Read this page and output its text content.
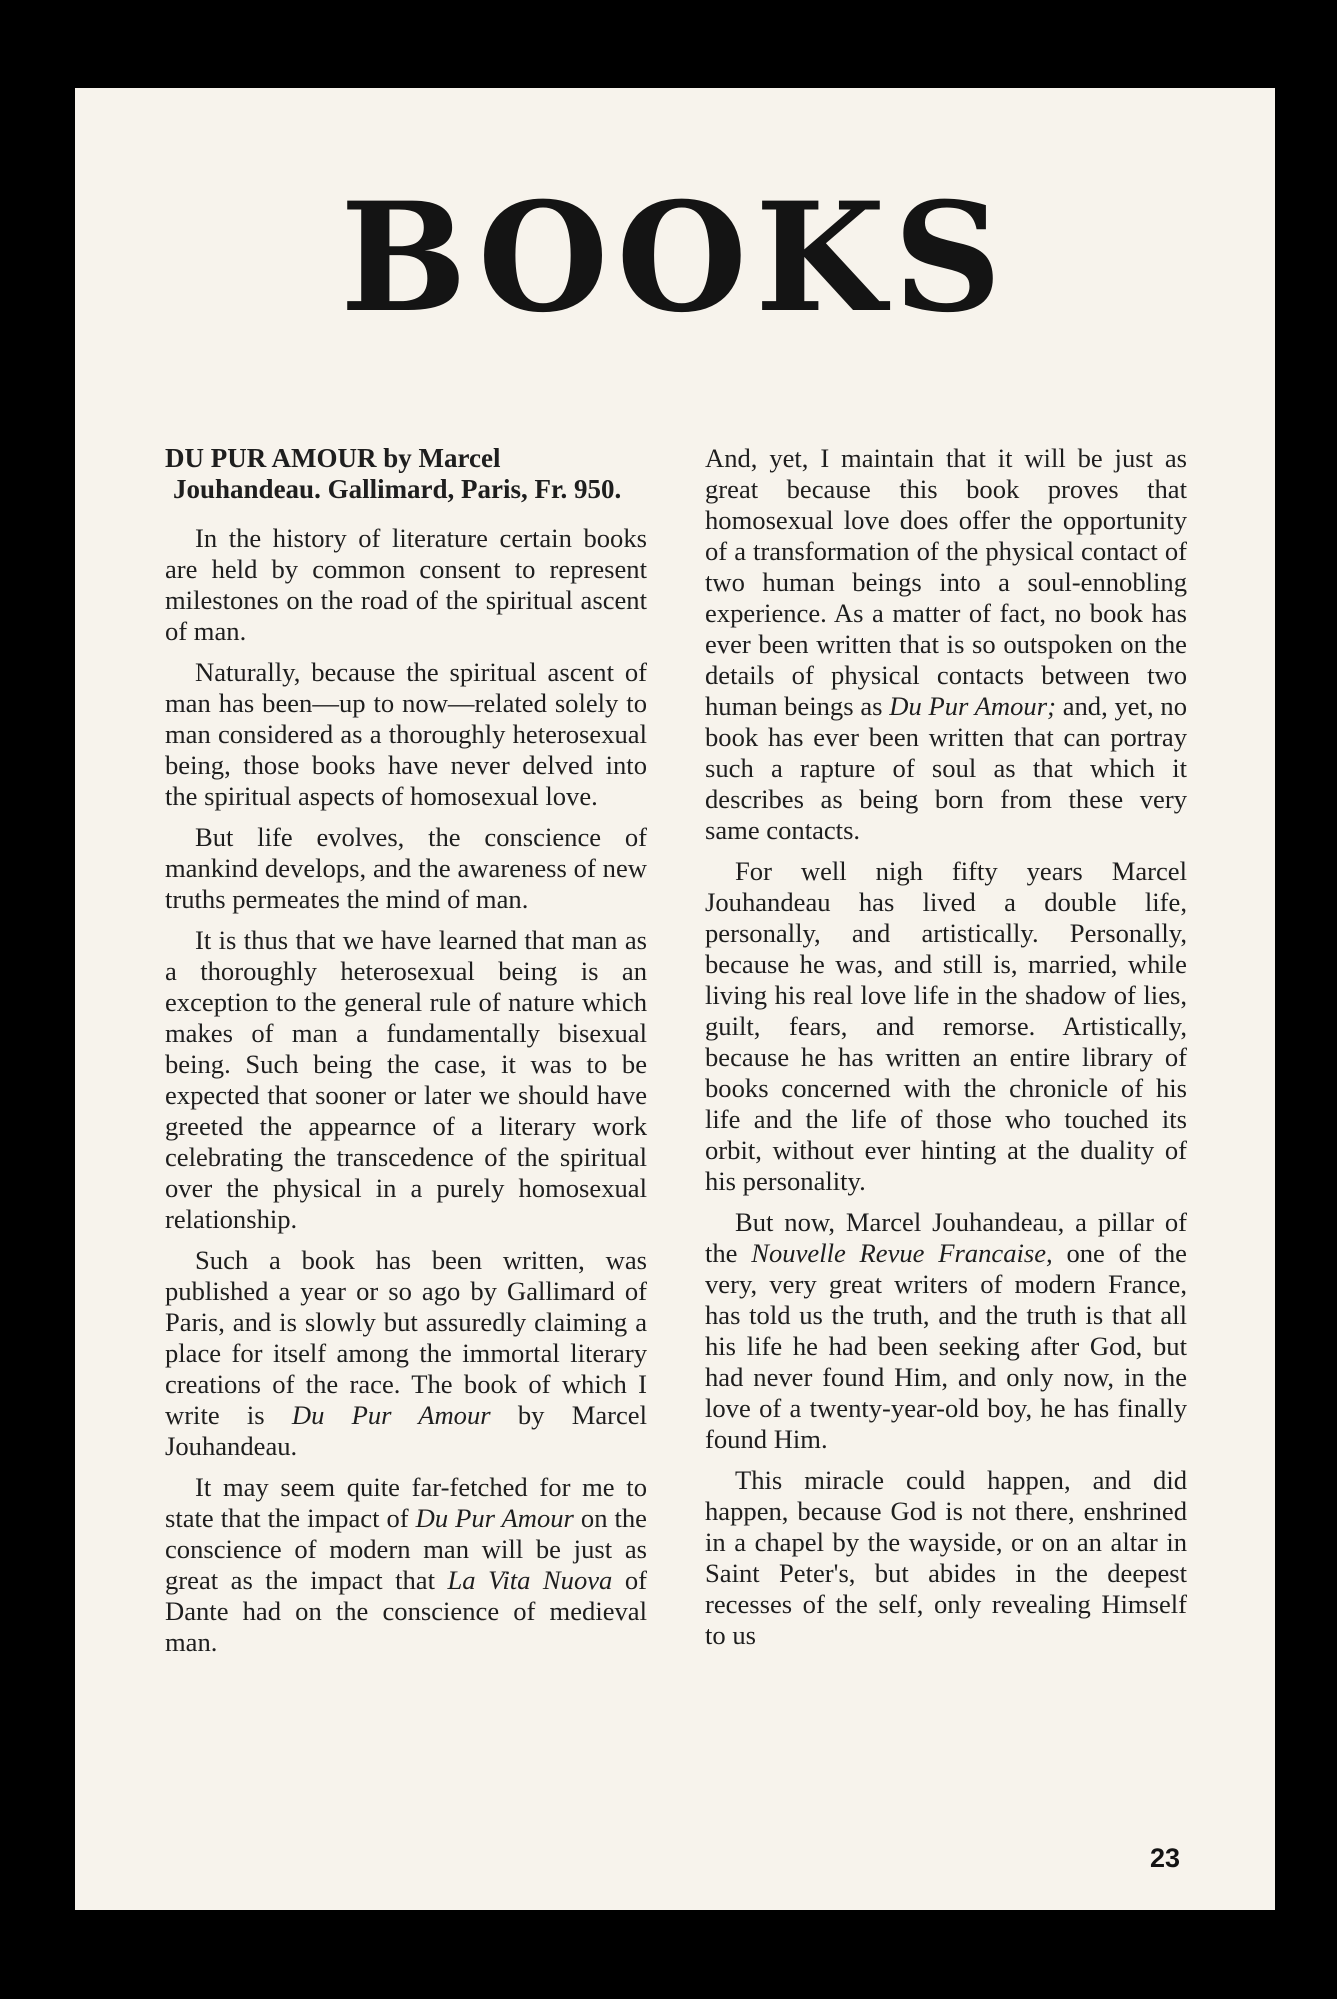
BOOKS
DU PUR AMOUR by Marcel Jouhandeau. Gallimard, Paris, Fr. 950.

In the history of literature certain books are held by common consent to represent milestones on the road of the spiritual ascent of man.

Naturally, because the spiritual ascent of man has been—up to now—related solely to man considered as a thoroughly heterosexual being, those books have never delved into the spiritual aspects of homosexual love.

But life evolves, the conscience of mankind develops, and the awareness of new truths permeates the mind of man.

It is thus that we have learned that man as a thoroughly heterosexual being is an exception to the general rule of nature which makes of man a fundamentally bisexual being. Such being the case, it was to be expected that sooner or later we should have greeted the appearnce of a literary work celebrating the transcedence of the spiritual over the physical in a purely homosexual relationship.

Such a book has been written, was published a year or so ago by Gallimard of Paris, and is slowly but assuredly claiming a place for itself among the immortal literary creations of the race. The book of which I write is Du Pur Amour by Marcel Jouhandeau.

It may seem quite far-fetched for me to state that the impact of Du Pur Amour on the conscience of modern man will be just as great as the impact that La Vita Nuova of Dante had on the conscience of medieval man.

And, yet, I maintain that it will be just as great because this book proves that homosexual love does offer the opportunity of a transformation of the physical contact of two human beings into a soul-ennobling experience. As a matter of fact, no book has ever been written that is so outspoken on the details of physical contacts between two human beings as Du Pur Amour; and, yet, no book has ever been written that can portray such a rapture of soul as that which it describes as being born from these very same contacts.

For well nigh fifty years Marcel Jouhandeau has lived a double life, personally, and artistically. Personally, because he was, and still is, married, while living his real love life in the shadow of lies, guilt, fears, and remorse. Artistically, because he has written an entire library of books concerned with the chronicle of his life and the life of those who touched its orbit, without ever hinting at the duality of his personality.

But now, Marcel Jouhandeau, a pillar of the Nouvelle Revue Francaise, one of the very, very great writers of modern France, has told us the truth, and the truth is that all his life he had been seeking after God, but had never found Him, and only now, in the love of a twenty-year-old boy, he has finally found Him.

This miracle could happen, and did happen, because God is not there, enshrined in a chapel by the wayside, or on an altar in Saint Peter's, but abides in the deepest recesses of the self, only revealing Himself to us

23
